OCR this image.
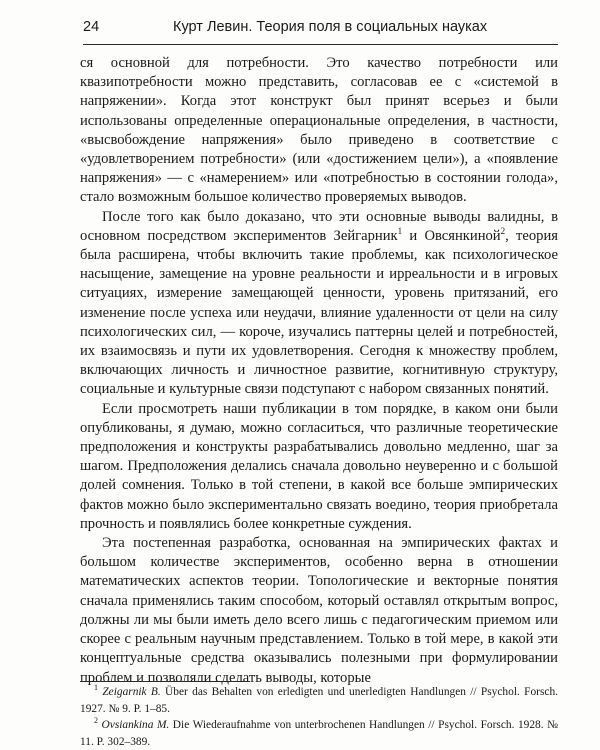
24	Курт Левин. Теория поля в социальных науках

ся основной для потребности. Это качество потребности или квазипотребности можно представить, согласовав ее с «системой в напряжении». Когда этот конструкт был принят всерьез и были использованы определенные операциональные определения, в частности, «высвобождение напряжения» было приведено в соответствие с «удовлетворением потребности» (или «достижением цели»), а «появление напряжения» — с «намерением» или «потребностью в состоянии голода», стало возможным большое количество проверяемых выводов.

После того как было доказано, что эти основные выводы валидны, в основном посредством экспериментов Зейгарник$^1$ и Овсянкиной$^2$, теория была расширена, чтобы включить такие проблемы, как психологическое насыщение, замещение на уровне реальности и ирреальности и в игровых ситуациях, измерение замещающей ценности, уровень притязаний, его изменение после успеха или неудачи, влияние удаленности от цели на силу психологических сил, — короче, изучались паттерны целей и потребностей, их взаимосвязь и пути их удовлетворения. Сегодня к множеству проблем, включающих личность и личностное развитие, когнитивную структуру, социальные и культурные связи подступают с набором связанных понятий.

Если просмотреть наши публикации в том порядке, в каком они были опубликованы, я думаю, можно согласиться, что различные теоретические предположения и конструкты разрабатывались довольно медленно, шаг за шагом. Предположения делались сначала довольно неуверенно и с большой долей сомнения. Только в той степени, в какой все больше эмпирических фактов можно было экспериментально связать воедино, теория приобретала прочность и появлялись более конкретные суждения.

Эта постепенная разработка, основанная на эмпирических фактах и большом количестве экспериментов, особенно верна в отношении математических аспектов теории. Топологические и векторные понятия сначала применялись таким способом, который оставлял открытым вопрос, должны ли мы были иметь дело всего лишь с педагогическим приемом или скорее с реальным научным представлением. Только в той мере, в какой эти концептуальные средства оказывались полезными при формулировании проблем и позволяли сделать выводы, которые

$^1$ Zeigarnik B. Über das Behalten von erledigten und unerledigten Handlungen // Psychol. Forsch. 1927. № 9. P. 1–85.

$^2$ Ovsiankina M. Die Wiederaufnahme von unterbrochenen Handlungen // Psychol. Forsch. 1928. № 11. P. 302–389.
